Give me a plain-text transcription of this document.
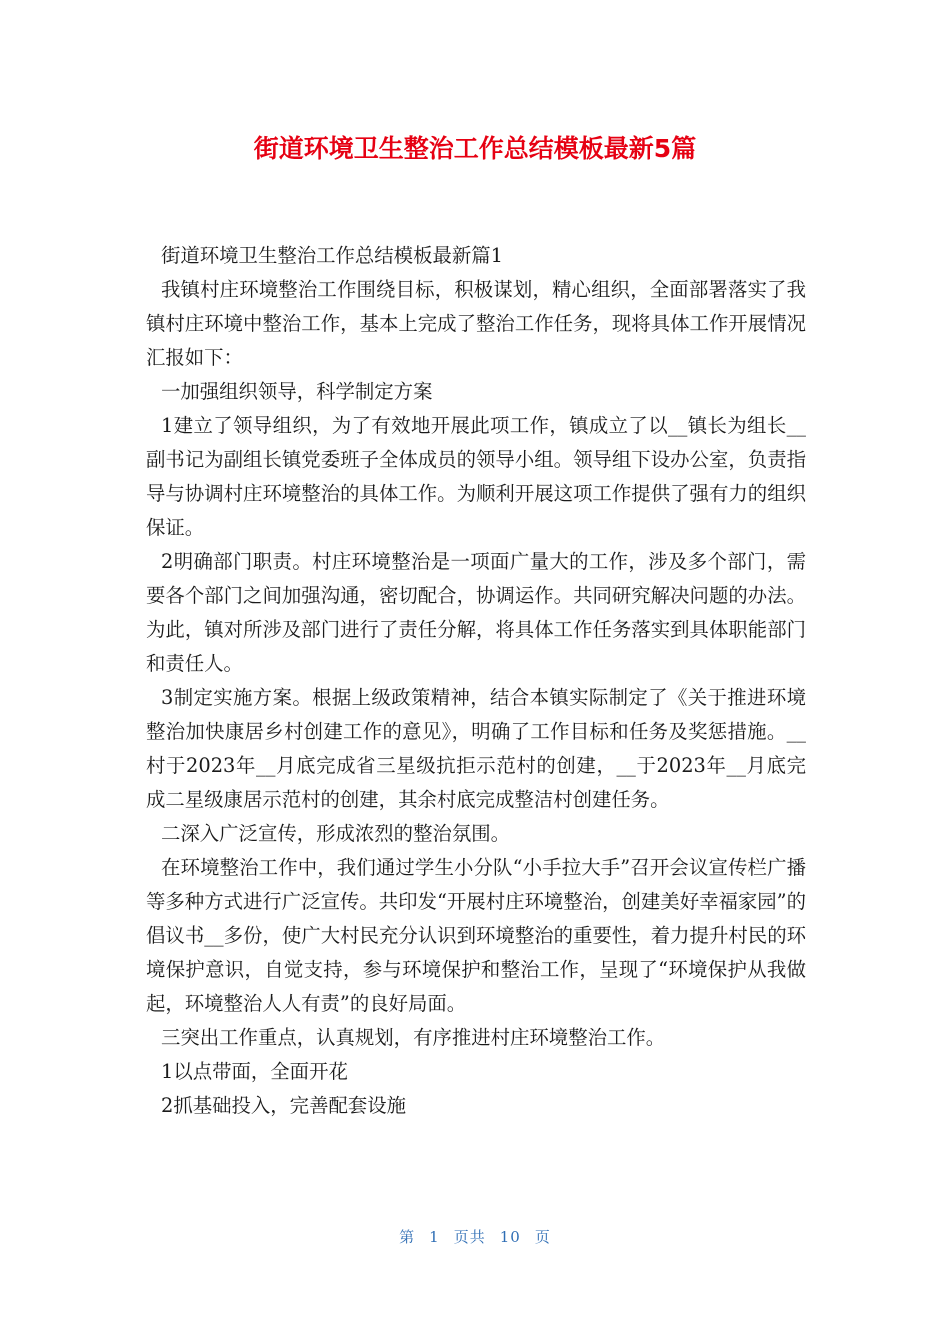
街道环境卫生整治工作总结模板最新5篇

街道环境卫生整治工作总结模板最新篇1

我镇村庄环境整治工作围绕目标，积极谋划，精心组织，全面部署落实了我镇村庄环境中整治工作，基本上完成了整治工作任务，现将具体工作开展情况汇报如下：

一加强组织领导，科学制定方案

1建立了领导组织，为了有效地开展此项工作，镇成立了以__镇长为组长__副书记为副组长镇党委班子全体成员的领导小组。领导组下设办公室，负责指导与协调村庄环境整治的具体工作。为顺利开展这项工作提供了强有力的组织保证。

2明确部门职责。村庄环境整治是一项面广量大的工作，涉及多个部门，需要各个部门之间加强沟通，密切配合，协调运作。共同研究解决问题的办法。为此，镇对所涉及部门进行了责任分解，将具体工作任务落实到具体职能部门和责任人。

3制定实施方案。根据上级政策精神，结合本镇实际制定了《关于推进环境整治加快康居乡村创建工作的意见》，明确了工作目标和任务及奖惩措施。__村于2023年__月底完成省三星级抗拒示范村的创建，__于2023年__月底完成二星级康居示范村的创建，其余村底完成整洁村创建任务。

二深入广泛宣传，形成浓烈的整治氛围。

在环境整治工作中，我们通过学生小分队“小手拉大手”召开会议宣传栏广播等多种方式进行广泛宣传。共印发“开展村庄环境整治，创建美好幸福家园”的倡议书__多份，使广大村民充分认识到环境整治的重要性，着力提升村民的环境保护意识，自觉支持，参与环境保护和整治工作，呈现了“环境保护从我做起，环境整治人人有责”的良好局面。

三突出工作重点，认真规划，有序推进村庄环境整治工作。

1以点带面，全面开花

2抓基础投入，完善配套设施

第 1 页共 10 页
